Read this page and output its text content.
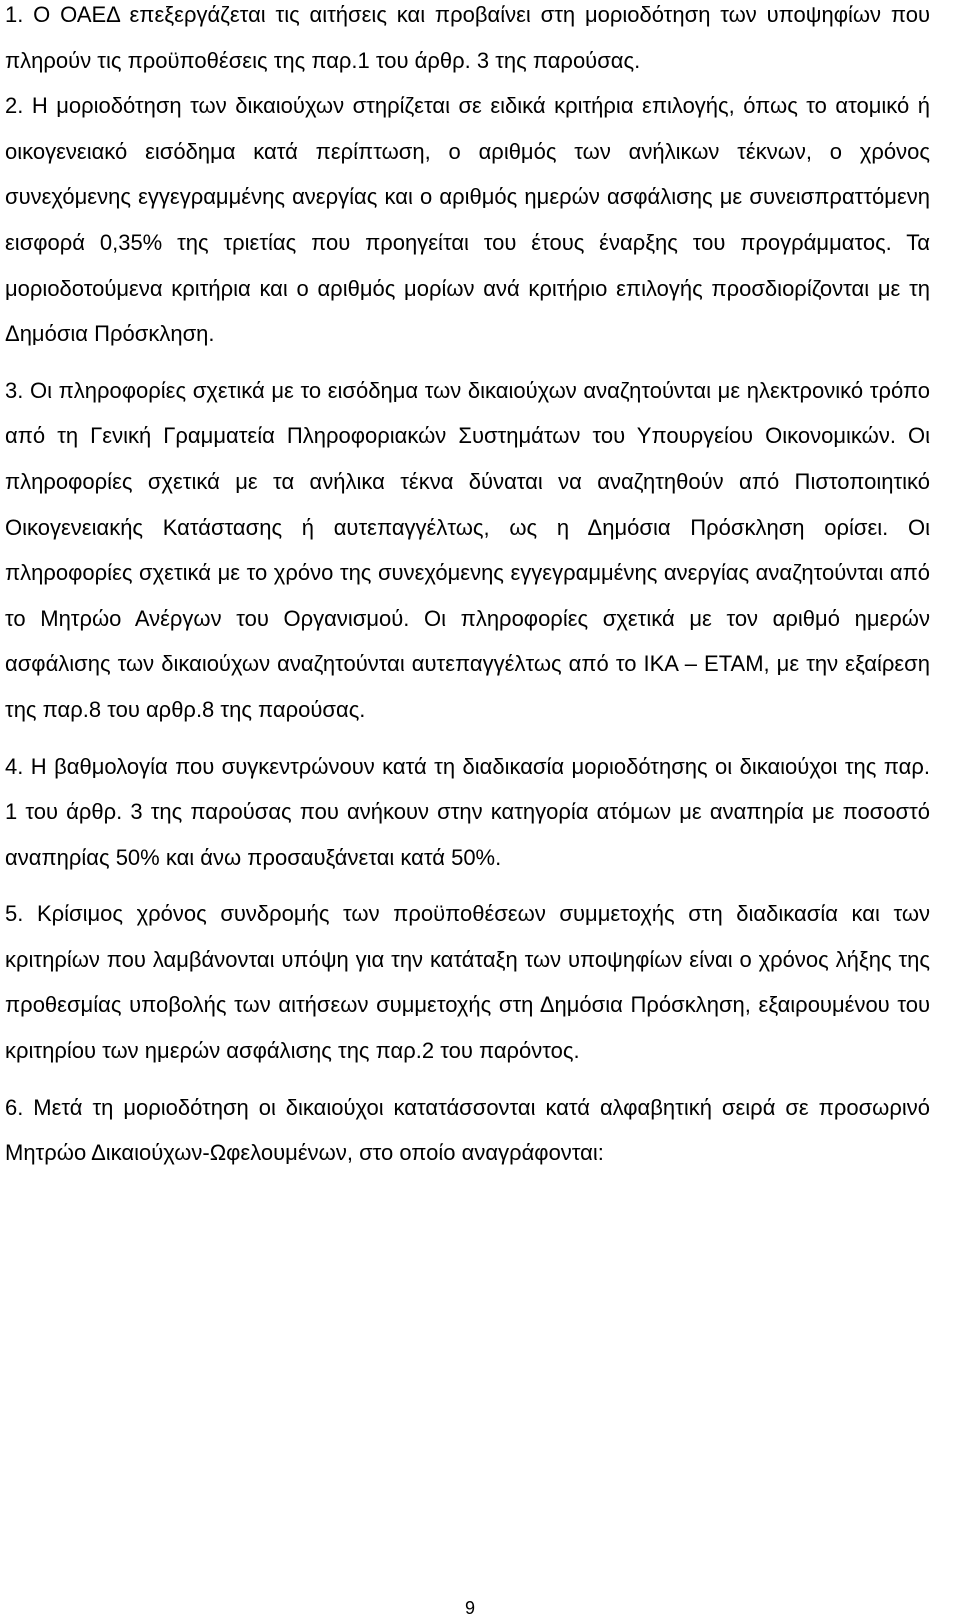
1. Ο ΟΑΕΔ επεξεργάζεται τις αιτήσεις και προβαίνει στη μοριοδότηση των υποψηφίων που πληρούν τις προϋποθέσεις της παρ.1 του άρθρ. 3 της παρούσας.

2. Η μοριοδότηση των δικαιούχων στηρίζεται σε ειδικά κριτήρια επιλογής, όπως το ατομικό ή οικογενειακό εισόδημα κατά περίπτωση, ο αριθμός των ανήλικων τέκνων, ο χρόνος συνεχόμενης εγγεγραμμένης ανεργίας και ο αριθμός ημερών ασφάλισης με συνεισπραττόμενη εισφορά 0,35% της τριετίας που προηγείται του έτους έναρξης του προγράμματος. Τα μοριοδοτούμενα κριτήρια και ο αριθμός μορίων ανά κριτήριο επιλογής προσδιορίζονται με τη Δημόσια Πρόσκληση.

3. Οι πληροφορίες σχετικά με το εισόδημα των δικαιούχων αναζητούνται με ηλεκτρονικό τρόπο από τη Γενική Γραμματεία Πληροφοριακών Συστημάτων του Υπουργείου Οικονομικών. Οι πληροφορίες σχετικά με τα ανήλικα τέκνα δύναται να αναζητηθούν από Πιστοποιητικό Οικογενειακής Κατάστασης ή αυτεπαγγέλτως, ως η Δημόσια Πρόσκληση ορίσει. Οι πληροφορίες σχετικά με το χρόνο της συνεχόμενης εγγεγραμμένης ανεργίας αναζητούνται από το Μητρώο Ανέργων του Οργανισμού. Οι πληροφορίες σχετικά με τον αριθμό ημερών ασφάλισης των δικαιούχων αναζητούνται αυτεπαγγέλτως από το ΙΚΑ – ΕΤΑΜ, με την εξαίρεση της παρ.8 του αρθρ.8 της παρούσας.

4. Η βαθμολογία που συγκεντρώνουν κατά τη διαδικασία μοριοδότησης οι δικαιούχοι της παρ. 1 του άρθρ. 3 της παρούσας που ανήκουν στην κατηγορία ατόμων με αναπηρία με ποσοστό αναπηρίας 50% και άνω προσαυξάνεται κατά 50%.

5. Κρίσιμος χρόνος συνδρομής των προϋποθέσεων συμμετοχής στη διαδικασία και των κριτηρίων που λαμβάνονται υπόψη για την κατάταξη των υποψηφίων είναι ο χρόνος λήξης της προθεσμίας υποβολής των αιτήσεων συμμετοχής στη Δημόσια Πρόσκληση, εξαιρουμένου του κριτηρίου των ημερών ασφάλισης της παρ.2 του παρόντος.

6. Μετά τη μοριοδότηση οι δικαιούχοι κατατάσσονται κατά αλφαβητική σειρά σε προσωρινό Μητρώο Δικαιούχων-Ωφελουμένων, στο οποίο αναγράφονται:

9
